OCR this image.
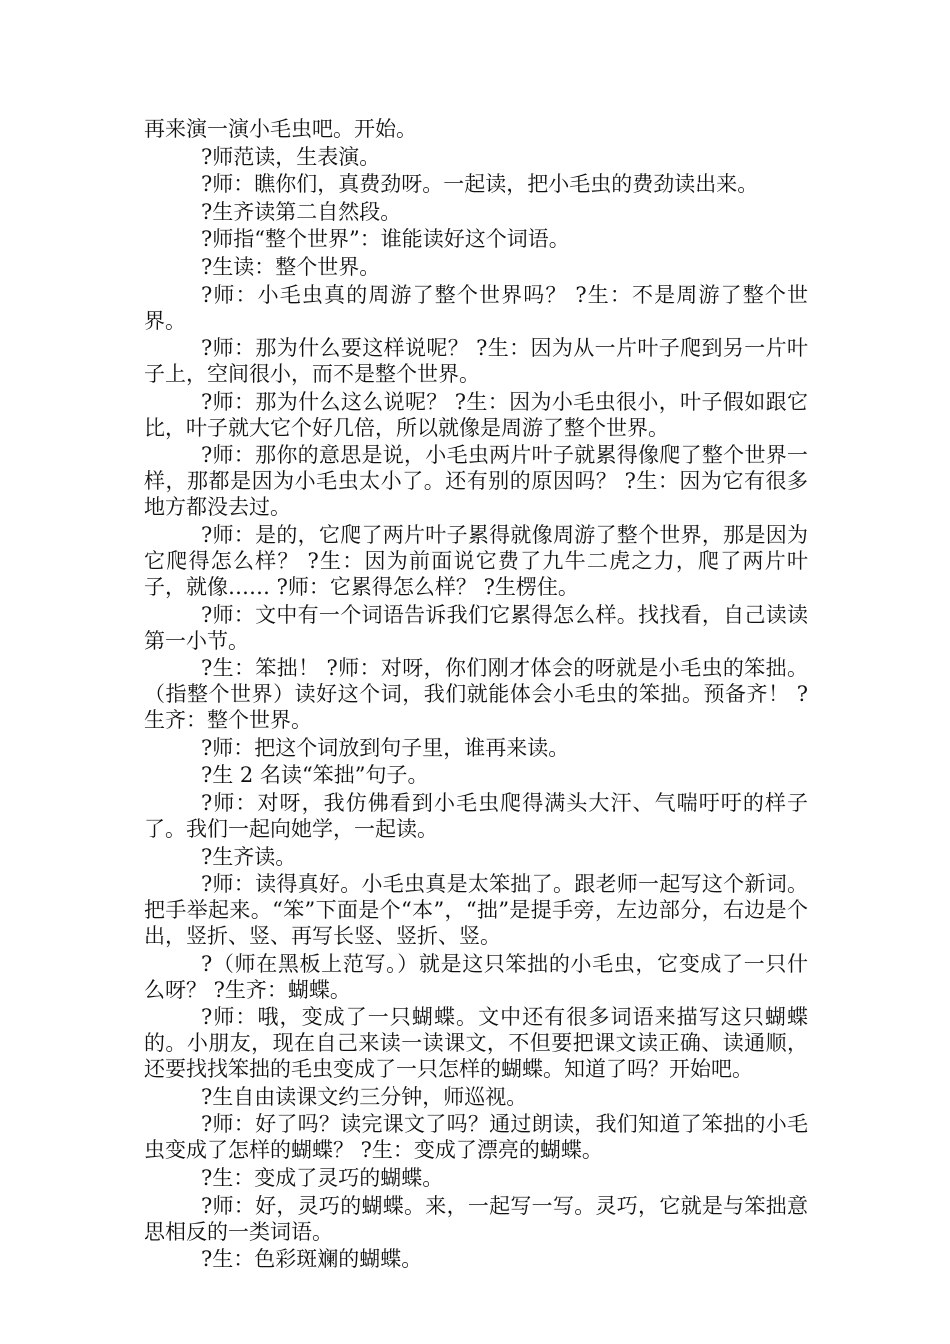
再来演一演小毛虫吧。开始。

?师范读，生表演。

?师：瞧你们，真费劲呀。一起读，把小毛虫的费劲读出来。

?生齐读第二自然段。

?师指“整个世界”：谁能读好这个词语。

?生读：整个世界。

?师：小毛虫真的周游了整个世界吗？ ?生：不是周游了整个世界。

?师：那为什么要这样说呢？ ?生：因为从一片叶子爬到另一片叶子上，空间很小，而不是整个世界。

?师：那为什么这么说呢？ ?生：因为小毛虫很小，叶子假如跟它比，叶子就大它个好几倍，所以就像是周游了整个世界。

?师：那你的意思是说，小毛虫两片叶子就累得像爬了整个世界一样，那都是因为小毛虫太小了。还有别的原因吗？ ?生：因为它有很多地方都没去过。

?师：是的，它爬了两片叶子累得就像周游了整个世界，那是因为它爬得怎么样？ ?生：因为前面说它费了九牛二虎之力，爬了两片叶子，就像…… ?师：它累得怎么样？ ?生楞住。

?师：文中有一个词语告诉我们它累得怎么样。找找看，自己读读第一小节。

?生：笨拙！ ?师：对呀，你们刚才体会的呀就是小毛虫的笨拙。（指整个世界）读好这个词，我们就能体会小毛虫的笨拙。预备齐！ ?生齐：整个世界。

?师：把这个词放到句子里，谁再来读。

?生 2 名读“笨拙”句子。

?师：对呀，我仿佛看到小毛虫爬得满头大汗、气喘吁吁的样子了。我们一起向她学，一起读。

?生齐读。

?师：读得真好。小毛虫真是太笨拙了。跟老师一起写这个新词。把手举起来。“笨”下面是个“本”，“拙”是提手旁，左边部分，右边是个出，竖折、竖、再写长竖、竖折、竖。

?（师在黑板上范写。）就是这只笨拙的小毛虫，它变成了一只什么呀？ ?生齐：蝴蝶。

?师：哦，变成了一只蝴蝶。文中还有很多词语来描写这只蝴蝶的。小朋友，现在自己来读一读课文，不但要把课文读正确、读通顺，还要找找笨拙的毛虫变成了一只怎样的蝴蝶。知道了吗？开始吧。

?生自由读课文约三分钟，师巡视。

?师：好了吗？读完课文了吗？通过朗读，我们知道了笨拙的小毛虫变成了怎样的蝴蝶？ ?生：变成了漂亮的蝴蝶。

?生：变成了灵巧的蝴蝶。

?师：好，灵巧的蝴蝶。来，一起写一写。灵巧，它就是与笨拙意思相反的一类词语。

?生：色彩斑斓的蝴蝶。
